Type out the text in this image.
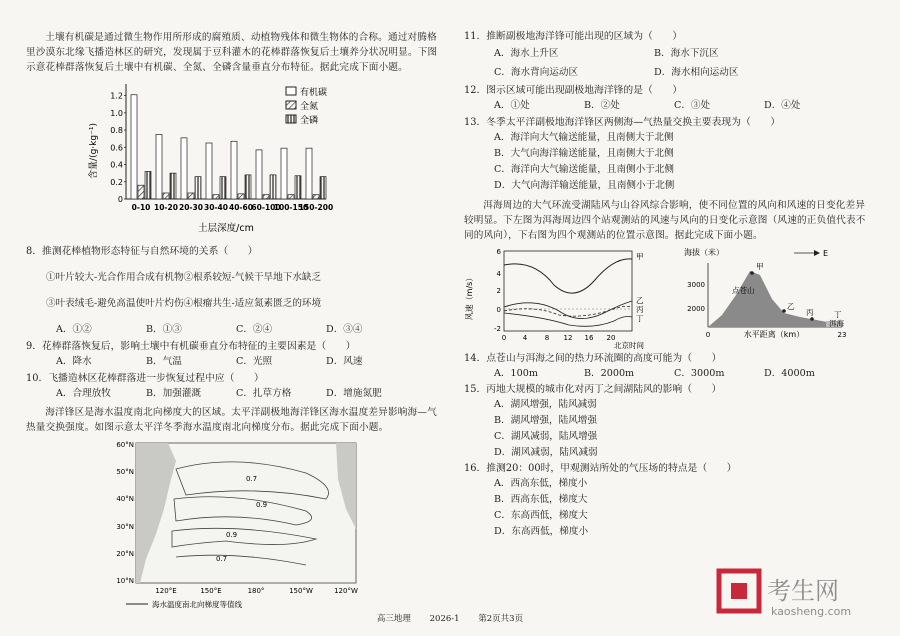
土壤有机碳是通过微生物作用所形成的腐殖质、动植物残体和微生物体的合称。通过对腾格里沙漠东北缘飞播造林区的研究，发现属于豆科灌木的花棒群落恢复后土壤养分状况明显。下图示意花棒群落恢复后土壤中有机碳、全氮、全磷含量垂直分布特征。据此完成下面小题。

含量/(g·kg⁻¹)
0
0.2
0.4
0.6
0.8
1.0
1.2
0-10 10-20 20-30 30-40 40-60
60-100
100-150
150-200
土层深度/cm
有机碳
全氮
全磷

8．推测花棒植物形态特征与自然环境的关系（　　）

①叶片较大-光合作用合成有机物②根系较短-气候干旱地下水缺乏

③叶表绒毛-避免高温使叶片灼伤④根瘤共生-适应氮素匮乏的环境

A．①②	B．①③	C．②④	D．③④

9．花棒群落恢复后，影响土壤中有机碳垂直分布特征的主要因素是（　　）

A．降水	B．气温	C．光照	D．风速

10．飞播造林区花棒群落进一步恢复过程中应（　　）

A．合理放牧	B．加强灌溉	C．扎草方格	D．增施氮肥

海洋锋区是海水温度南北向梯度大的区域。太平洋副极地海洋锋区海水温度差异影响海—气热量交换强度。如图示意太平洋冬季海水温度南北向梯度分布。据此完成下面小题。

0.7
0.9
0.9
0.7
60°N
50°N
40°N
30°N
20°N
10°N
120°E	150°E	180°	150°W	120°W
海水温度南北向梯度等值线

11．推断副极地海洋锋可能出现的区域为（　　）

A．海水上升区	B．海水下沉区
C．海水背向运动区	D．海水相向运动区

12．图示区域可能出现副极地海洋锋的是（　　）

A．①处	B．②处	C．③处	D．④处

13．冬季太平洋副极地海洋锋区两侧海—气热量交换主要表现为（　　）

A．海洋向大气输送能量，且南侧大于北侧

B．大气向海洋输送能量，且南侧大于北侧

C．海洋向大气输送能量，且南侧小于北侧

D．大气向海洋输送能量，且南侧小于北侧

洱海周边的大气环流受湖陆风与山谷风综合影响，使不同位置的风向和风速的日变化差异较明显。下左图为洱海周边四个站观测站的风速与风向的日变化示意图（风速的正负值代表不同的风向），下右图为四个观测站的位置示意图。据此完成下面小题。

风速（m/s）
6
4
2
0
-2
0 4	8 12 16 20
北京时间
甲
乙
丙
丁
海拔（米）	E
3000
2000
甲
点苍山
乙
丙	丁
洱海
0	23
水平距离（km）

14．点苍山与洱海之间的热力环流圈的高度可能为（　　）

A．100m	B．2000m	C．3000m	D．4000m

15．丙地大规模的城市化对丙丁之间湖陆风的影响（　　）

A．湖风增强，陆风减弱

B．湖风增强，陆风增强

C．湖风减弱，陆风增强

D．湖风减弱，陆风减弱

16．推测20：00时，甲观测站所处的气压场的特点是（　　）

A．西高东低，梯度小

B．西高东低，梯度大

C．东高西低，梯度大

D．东高西低，梯度小

高三地理 2026-1 第2页共3页
考生网
kaosheng.com
